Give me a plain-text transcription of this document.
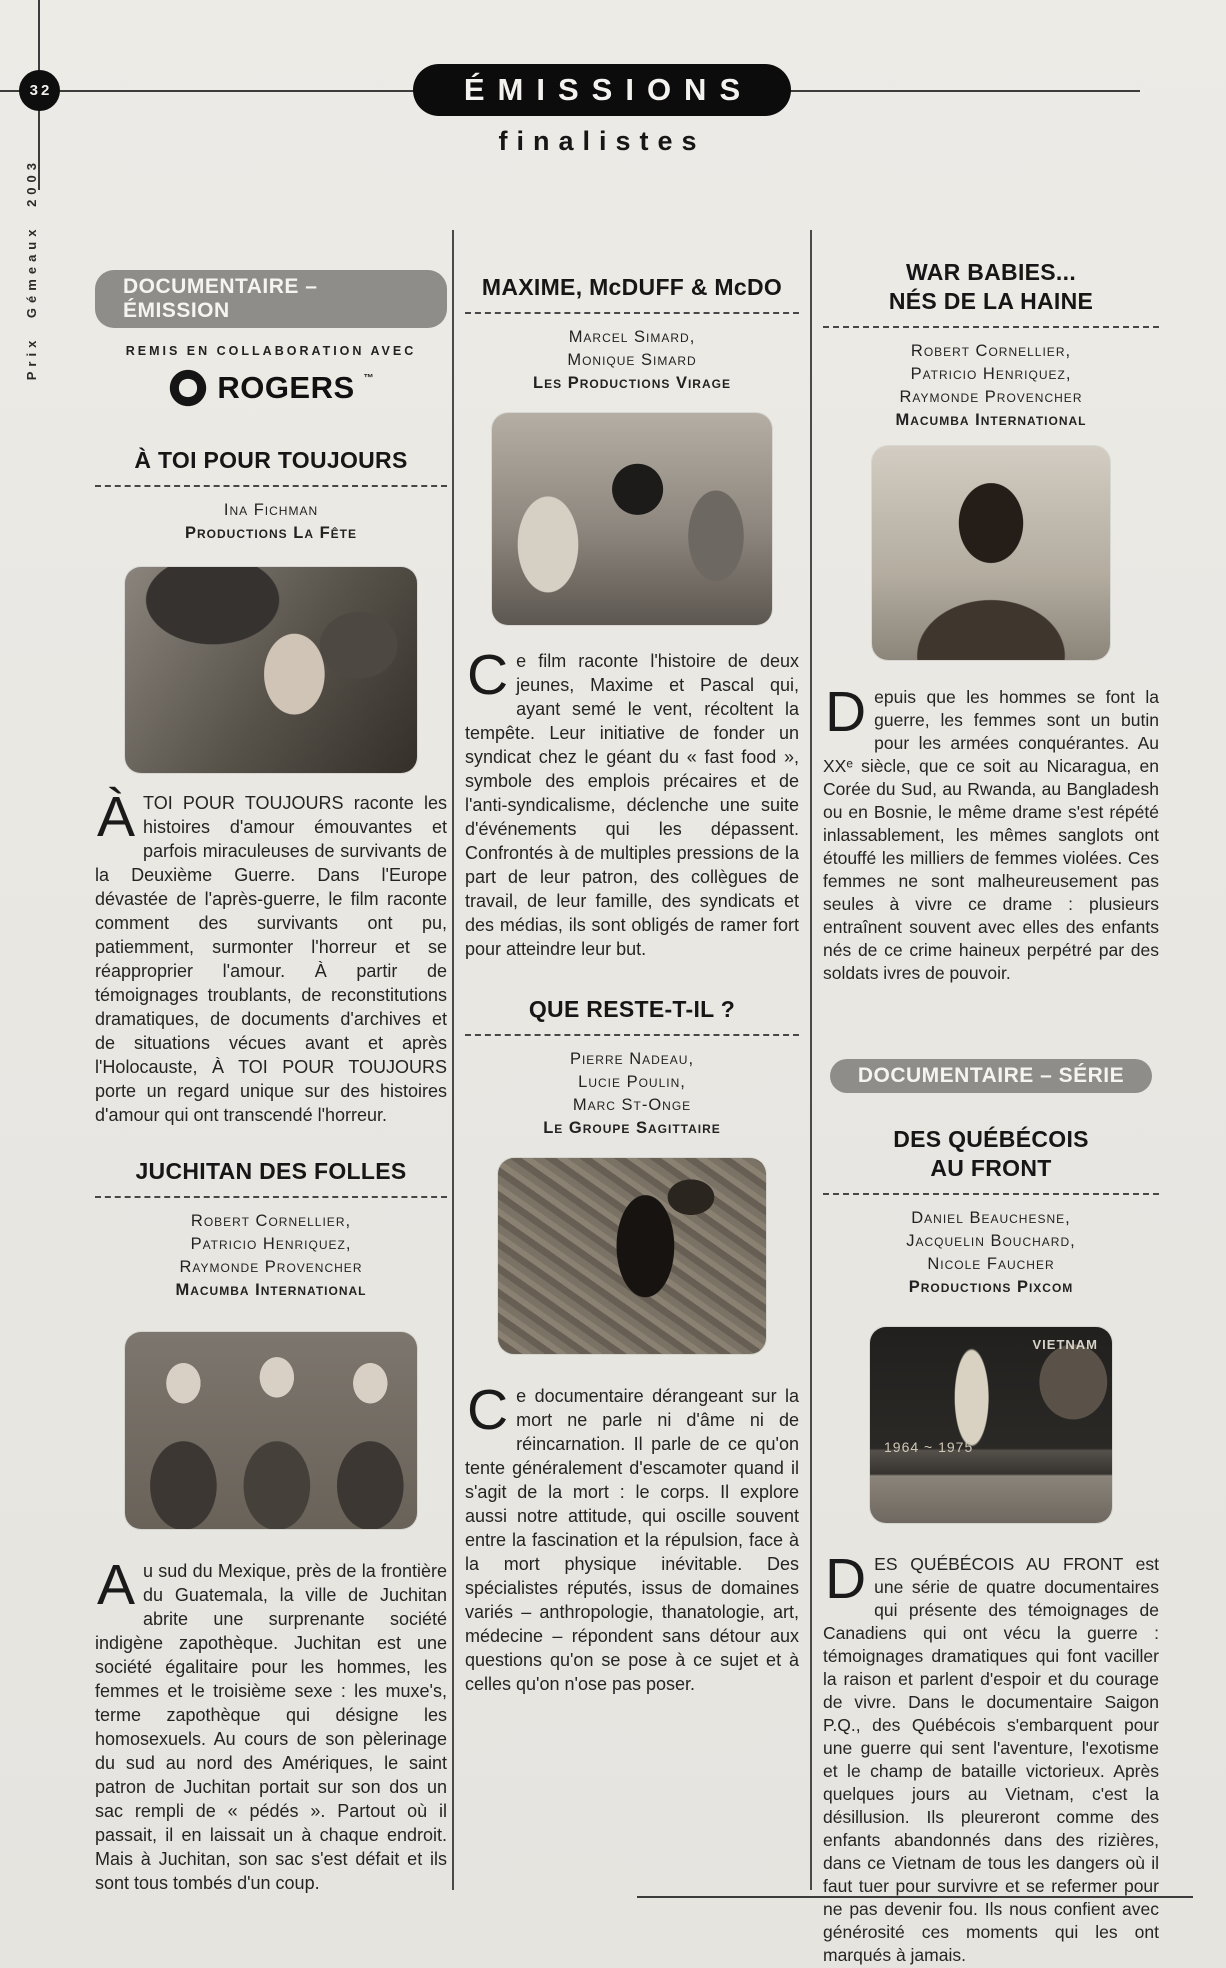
32
Prix Gémeaux 2003
ÉMISSIONS
finalistes
DOCUMENTAIRE – ÉMISSION
REMIS EN COLLABORATION AVEC
ROGERS ™
À TOI POUR TOUJOURS
Ina Fichman
Productions La Fête

ÀTOI POUR TOUJOURS raconte les histoires d'amour émouvantes et parfois miraculeuses de survivants de la Deuxième Guerre. Dans l'Europe dévastée de l'après-guerre, le film raconte comment des survivants ont pu, patiemment, surmonter l'horreur et se réapproprier l'amour. À partir de témoignages troublants, de reconstitutions dramatiques, de documents d'archives et de situations vécues avant et après l'Holocauste, À TOI POUR TOUJOURS porte un regard unique sur des histoires d'amour qui ont transcendé l'horreur.

JUCHITAN DES FOLLES
Robert Cornellier,
Patricio Henriquez,
Raymonde Provencher
Macumba International

Au sud du Mexique, près de la frontière du Guatemala, la ville de Juchitan abrite une surprenante société indigène zapothèque. Juchitan est une société égalitaire pour les hommes, les femmes et le troisième sexe : les muxe's, terme zapothèque qui désigne les homosexuels. Au cours de son pèlerinage du sud au nord des Amériques, le saint patron de Juchitan portait sur son dos un sac rempli de « pédés ». Partout où il passait, il en laissait un à chaque endroit. Mais à Juchitan, son sac s'est défait et ils sont tous tombés d'un coup.

MAXIME, McDUFF & McDO
Marcel Simard,
Monique Simard
Les Productions Virage

Ce film raconte l'histoire de deux jeunes, Maxime et Pascal qui, ayant semé le vent, récoltent la tempête. Leur initiative de fonder un syndicat chez le géant du « fast food », symbole des emplois précaires et de l'anti-syndicalisme, déclenche une suite d'événements qui les dépassent. Confrontés à de multiples pressions de la part de leur patron, des collègues de travail, de leur famille, des syndicats et des médias, ils sont obligés de ramer fort pour atteindre leur but.

QUE RESTE-T-IL ?
Pierre Nadeau,
Lucie Poulin,
Marc St-Onge
Le Groupe Sagittaire

Ce documentaire dérangeant sur la mort ne parle ni d'âme ni de réincarnation. Il parle de ce qu'on tente généralement d'escamoter quand il s'agit de la mort : le corps. Il explore aussi notre attitude, qui oscille souvent entre la fascination et la répulsion, face à la mort physique inévitable. Des spécialistes réputés, issus de domaines variés – anthropologie, thanatologie, art, médecine – répondent sans détour aux questions qu'on se pose à ce sujet et à celles qu'on n'ose pas poser.

WAR BABIES...
NÉS DE LA HAINE
Robert Cornellier,
Patricio Henriquez,
Raymonde Provencher
Macumba International

Depuis que les hommes se font la guerre, les femmes sont un butin pour les armées conquérantes. Au XXᵉ siècle, que ce soit au Nicaragua, en Corée du Sud, au Rwanda, au Bangladesh ou en Bosnie, le même drame s'est répété inlassablement, les mêmes sanglots ont étouffé les milliers de femmes violées. Ces femmes ne sont malheureusement pas seules à vivre ce drame : plusieurs entraînent souvent avec elles des enfants nés de ce crime haineux perpétré par des soldats ivres de pouvoir.

DOCUMENTAIRE – SÉRIE
DES QUÉBÉCOIS
AU FRONT
Daniel Beauchesne,
Jacquelin Bouchard,
Nicole Faucher
Productions Pixcom
VIETNAM
1964 ~ 1975

DES QUÉBÉCOIS AU FRONT est une série de quatre documentaires qui présente des témoignages de Canadiens qui ont vécu la guerre : témoignages dramatiques qui font vaciller la raison et parlent d'espoir et du courage de vivre. Dans le documentaire Saigon P.Q., des Québécois s'embarquent pour une guerre qui sent l'aventure, l'exotisme et le champ de bataille victorieux. Après quelques jours au Vietnam, c'est la désillusion. Ils pleureront comme des enfants abandonnés dans des rizières, dans ce Vietnam de tous les dangers où il faut tuer pour survivre et se refermer pour ne pas devenir fou. Ils nous confient avec générosité ces moments qui les ont marqués à jamais.
